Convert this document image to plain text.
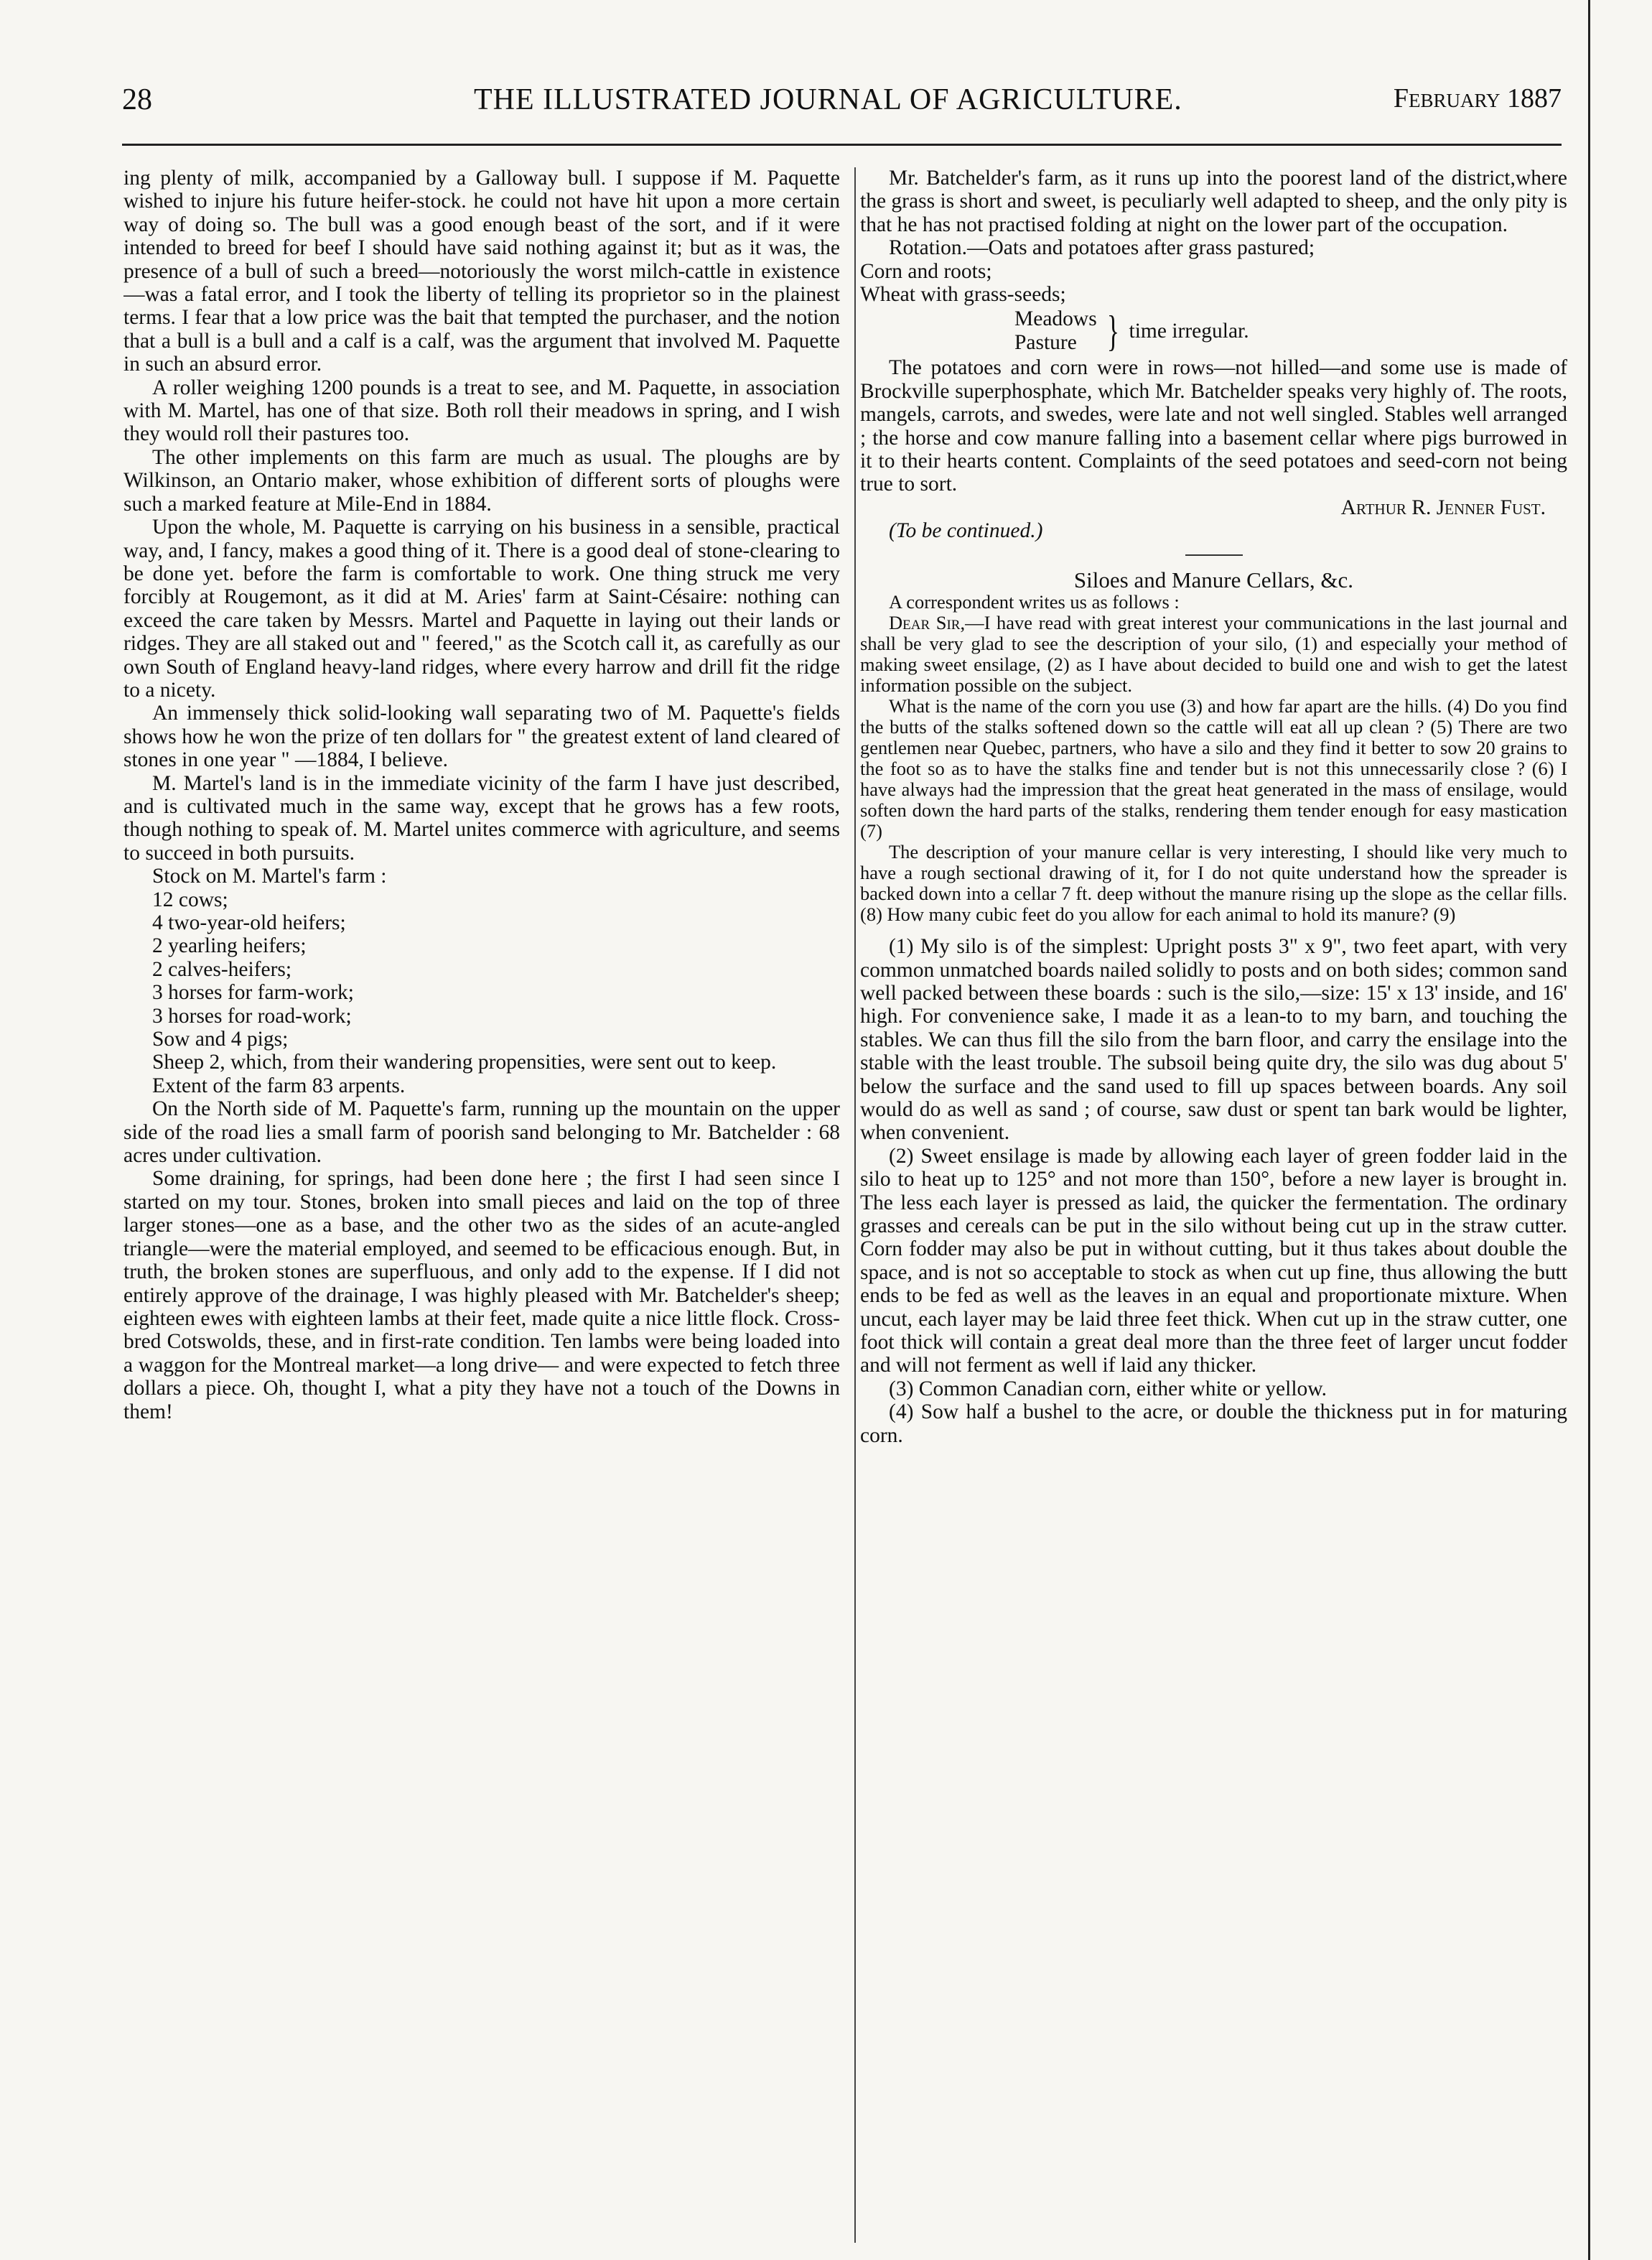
28	THE ILLUSTRATED JOURNAL OF AGRICULTURE.	February 1887

ing plenty of milk, accompanied by a Galloway bull. I suppose if M. Paquette wished to injure his future heifer-stock. he could not have hit upon a more certain way of doing so. The bull was a good enough beast of the sort, and if it were intended to breed for beef I should have said nothing against it; but as it was, the presence of a bull of such a breed—notoriously the worst milch-cattle in existence—was a fatal error, and I took the liberty of telling its proprietor so in the plainest terms. I fear that a low price was the bait that tempted the purchaser, and the notion that a bull is a bull and a calf is a calf, was the argument that involved M. Paquette in such an absurd error.

A roller weighing 1200 pounds is a treat to see, and M. Paquette, in association with M. Martel, has one of that size. Both roll their meadows in spring, and I wish they would roll their pastures too.

The other implements on this farm are much as usual. The ploughs are by Wilkinson, an Ontario maker, whose exhibition of different sorts of ploughs were such a marked feature at Mile-End in 1884.

Upon the whole, M. Paquette is carrying on his business in a sensible, practical way, and, I fancy, makes a good thing of it. There is a good deal of stone-clearing to be done yet. before the farm is comfortable to work. One thing struck me very forcibly at Rougemont, as it did at M. Aries' farm at Saint-Césaire: nothing can exceed the care taken by Messrs. Martel and Paquette in laying out their lands or ridges. They are all staked out and " feered," as the Scotch call it, as carefully as our own South of England heavy-land ridges, where every harrow and drill fit the ridge to a nicety.

An immensely thick solid-looking wall separating two of M. Paquette's fields shows how he won the prize of ten dollars for " the greatest extent of land cleared of stones in one year " —1884, I believe.

M. Martel's land is in the immediate vicinity of the farm I have just described, and is cultivated much in the same way, except that he grows has a few roots, though nothing to speak of. M. Martel unites commerce with agriculture, and seems to succeed in both pursuits.

Stock on M. Martel's farm :

12 cows;

4 two-year-old heifers;

2 yearling heifers;

2 calves-heifers;

3 horses for farm-work;

3 horses for road-work;

Sow and 4 pigs;

Sheep 2, which, from their wandering propensities, were sent out to keep.

Extent of the farm 83 arpents.

On the North side of M. Paquette's farm, running up the mountain on the upper side of the road lies a small farm of poorish sand belonging to Mr. Batchelder : 68 acres under cultivation.

Some draining, for springs, had been done here ; the first I had seen since I started on my tour. Stones, broken into small pieces and laid on the top of three larger stones—one as a base, and the other two as the sides of an acute-angled triangle—were the material employed, and seemed to be efficacious enough. But, in truth, the broken stones are superfluous, and only add to the expense. If I did not entirely approve of the drainage, I was highly pleased with Mr. Batchelder's sheep; eighteen ewes with eighteen lambs at their feet, made quite a nice little flock. Cross-bred Cotswolds, these, and in first-rate condition. Ten lambs were being loaded into a waggon for the Montreal market—a long drive— and were expected to fetch three dollars a piece. Oh, thought I, what a pity they have not a touch of the Downs in them!

Mr. Batchelder's farm, as it runs up into the poorest land of the district,where the grass is short and sweet, is peculiarly well adapted to sheep, and the only pity is that he has not practised folding at night on the lower part of the occupation.

Rotation.—Oats and potatoes after grass pastured;

Corn and roots;

Wheat with grass-seeds;

Meadows
Pasture } time irregular.

The potatoes and corn were in rows—not hilled—and some use is made of Brockville superphosphate, which Mr. Batchelder speaks very highly of. The roots, mangels, carrots, and swedes, were late and not well singled. Stables well arranged ; the horse and cow manure falling into a basement cellar where pigs burrowed in it to their hearts content. Complaints of the seed potatoes and seed-corn not being true to sort.

Arthur R. Jenner Fust.

(To be continued.)

Siloes and Manure Cellars, &c.

A correspondent writes us as follows :

Dear Sir,—I have read with great interest your communications in the last journal and shall be very glad to see the description of your silo, (1) and especially your method of making sweet ensilage, (2) as I have about decided to build one and wish to get the latest information possible on the subject.

What is the name of the corn you use (3) and how far apart are the hills. (4) Do you find the butts of the stalks softened down so the cattle will eat all up clean ? (5) There are two gentlemen near Quebec, partners, who have a silo and they find it better to sow 20 grains to the foot so as to have the stalks fine and tender but is not this unnecessarily close ? (6) I have always had the impression that the great heat generated in the mass of ensilage, would soften down the hard parts of the stalks, rendering them tender enough for easy mastication (7)

The description of your manure cellar is very interesting, I should like very much to have a rough sectional drawing of it, for I do not quite understand how the spreader is backed down into a cellar 7 ft. deep without the manure rising up the slope as the cellar fills. (8) How many cubic feet do you allow for each animal to hold its manure? (9)

(1) My silo is of the simplest: Upright posts 3" x 9", two feet apart, with very common unmatched boards nailed solidly to posts and on both sides; common sand well packed between these boards : such is the silo,—size: 15' x 13' inside, and 16' high. For convenience sake, I made it as a lean-to to my barn, and touching the stables. We can thus fill the silo from the barn floor, and carry the ensilage into the stable with the least trouble. The subsoil being quite dry, the silo was dug about 5' below the surface and the sand used to fill up spaces between boards. Any soil would do as well as sand ; of course, saw dust or spent tan bark would be lighter, when convenient.

(2) Sweet ensilage is made by allowing each layer of green fodder laid in the silo to heat up to 125° and not more than 150°, before a new layer is brought in. The less each layer is pressed as laid, the quicker the fermentation. The ordinary grasses and cereals can be put in the silo without being cut up in the straw cutter. Corn fodder may also be put in without cutting, but it thus takes about double the space, and is not so acceptable to stock as when cut up fine, thus allowing the butt ends to be fed as well as the leaves in an equal and proportionate mixture. When uncut, each layer may be laid three feet thick. When cut up in the straw cutter, one foot thick will contain a great deal more than the three feet of larger uncut fodder and will not ferment as well if laid any thicker.

(3) Common Canadian corn, either white or yellow.

(4) Sow half a bushel to the acre, or double the thickness put in for maturing corn.
